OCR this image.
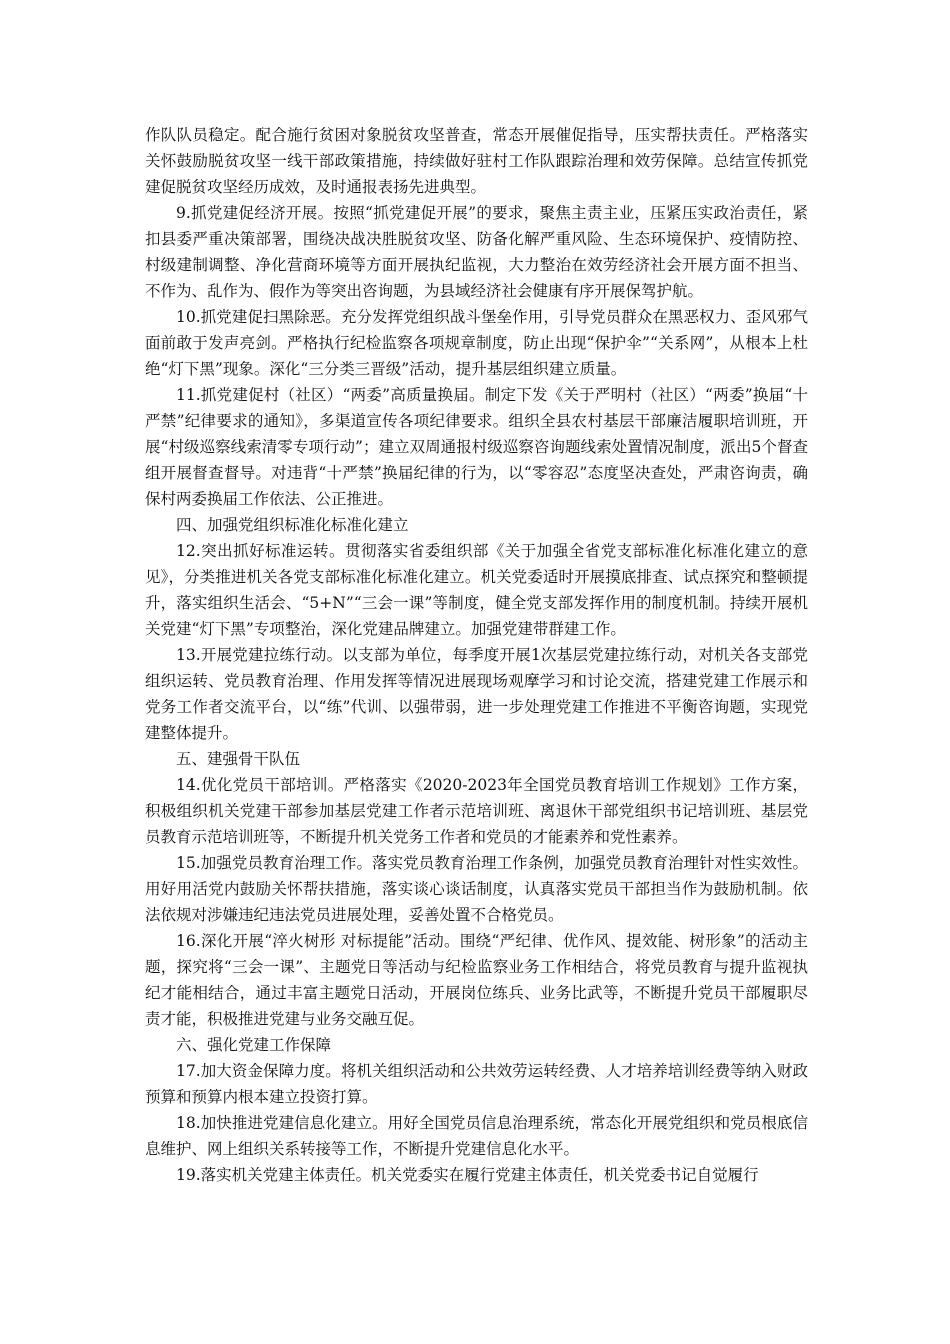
作队队员稳定。配合施行贫困对象脱贫攻坚普查，常态开展催促指导，压实帮扶责任。严格落实关怀鼓励脱贫攻坚一线干部政策措施，持续做好驻村工作队跟踪治理和效劳保障。总结宣传抓党建促脱贫攻坚经历成效，及时通报表扬先进典型。

9.抓党建促经济开展。按照“抓党建促开展”的要求，聚焦主责主业，压紧压实政治责任，紧扣县委严重决策部署，围绕决战决胜脱贫攻坚、防备化解严重风险、生态环境保护、疫情防控、村级建制调整、净化营商环境等方面开展执纪监视，大力整治在效劳经济社会开展方面不担当、不作为、乱作为、假作为等突出咨询题，为县域经济社会健康有序开展保驾护航。

10.抓党建促扫黑除恶。充分发挥党组织战斗堡垒作用，引导党员群众在黑恶权力、歪风邪气面前敢于发声亮剑。严格执行纪检监察各项规章制度，防止出现“保护伞”“关系网”，从根本上杜绝“灯下黑”现象。深化“三分类三晋级”活动，提升基层组织建立质量。

11.抓党建促村（社区）“两委”高质量换届。制定下发《关于严明村（社区）“两委”换届“十严禁”纪律要求的通知》，多渠道宣传各项纪律要求。组织全县农村基层干部廉洁履职培训班，开展“村级巡察线索清零专项行动”；建立双周通报村级巡察咨询题线索处置情况制度，派出5个督查组开展督查督导。对违背“十严禁”换届纪律的行为，以“零容忍”态度坚决查处，严肃咨询责，确保村两委换届工作依法、公正推进。

四、加强党组织标准化标准化建立

12.突出抓好标准运转。贯彻落实省委组织部《关于加强全省党支部标准化标准化建立的意见》，分类推进机关各党支部标准化标准化建立。机关党委适时开展摸底排查、试点探究和整顿提升，落实组织生活会、“5+N”“三会一课”等制度，健全党支部发挥作用的制度机制。持续开展机关党建“灯下黑”专项整治，深化党建品牌建立。加强党建带群建工作。

13.开展党建拉练行动。以支部为单位，每季度开展1次基层党建拉练行动，对机关各支部党组织运转、党员教育治理、作用发挥等情况进展现场观摩学习和讨论交流，搭建党建工作展示和党务工作者交流平台，以“练”代训、以强带弱，进一步处理党建工作推进不平衡咨询题，实现党建整体提升。

五、建强骨干队伍

14.优化党员干部培训。严格落实《2020-2023年全国党员教育培训工作规划》工作方案，积极组织机关党建干部参加基层党建工作者示范培训班、离退休干部党组织书记培训班、基层党员教育示范培训班等，不断提升机关党务工作者和党员的才能素养和党性素养。

15.加强党员教育治理工作。落实党员教育治理工作条例，加强党员教育治理针对性实效性。用好用活党内鼓励关怀帮扶措施，落实谈心谈话制度，认真落实党员干部担当作为鼓励机制。依法依规对涉嫌违纪违法党员进展处理，妥善处置不合格党员。

16.深化开展“淬火树形 对标提能”活动。围绕“严纪律、优作风、提效能、树形象”的活动主题，探究将“三会一课”、主题党日等活动与纪检监察业务工作相结合，将党员教育与提升监视执纪才能相结合，通过丰富主题党日活动，开展岗位练兵、业务比武等，不断提升党员干部履职尽责才能，积极推进党建与业务交融互促。

六、强化党建工作保障

17.加大资金保障力度。将机关组织活动和公共效劳运转经费、人才培养培训经费等纳入财政预算和预算内根本建立投资打算。

18.加快推进党建信息化建立。用好全国党员信息治理系统，常态化开展党组织和党员根底信息维护、网上组织关系转接等工作，不断提升党建信息化水平。

19.落实机关党建主体责任。机关党委实在履行党建主体责任，机关党委书记自觉履行
